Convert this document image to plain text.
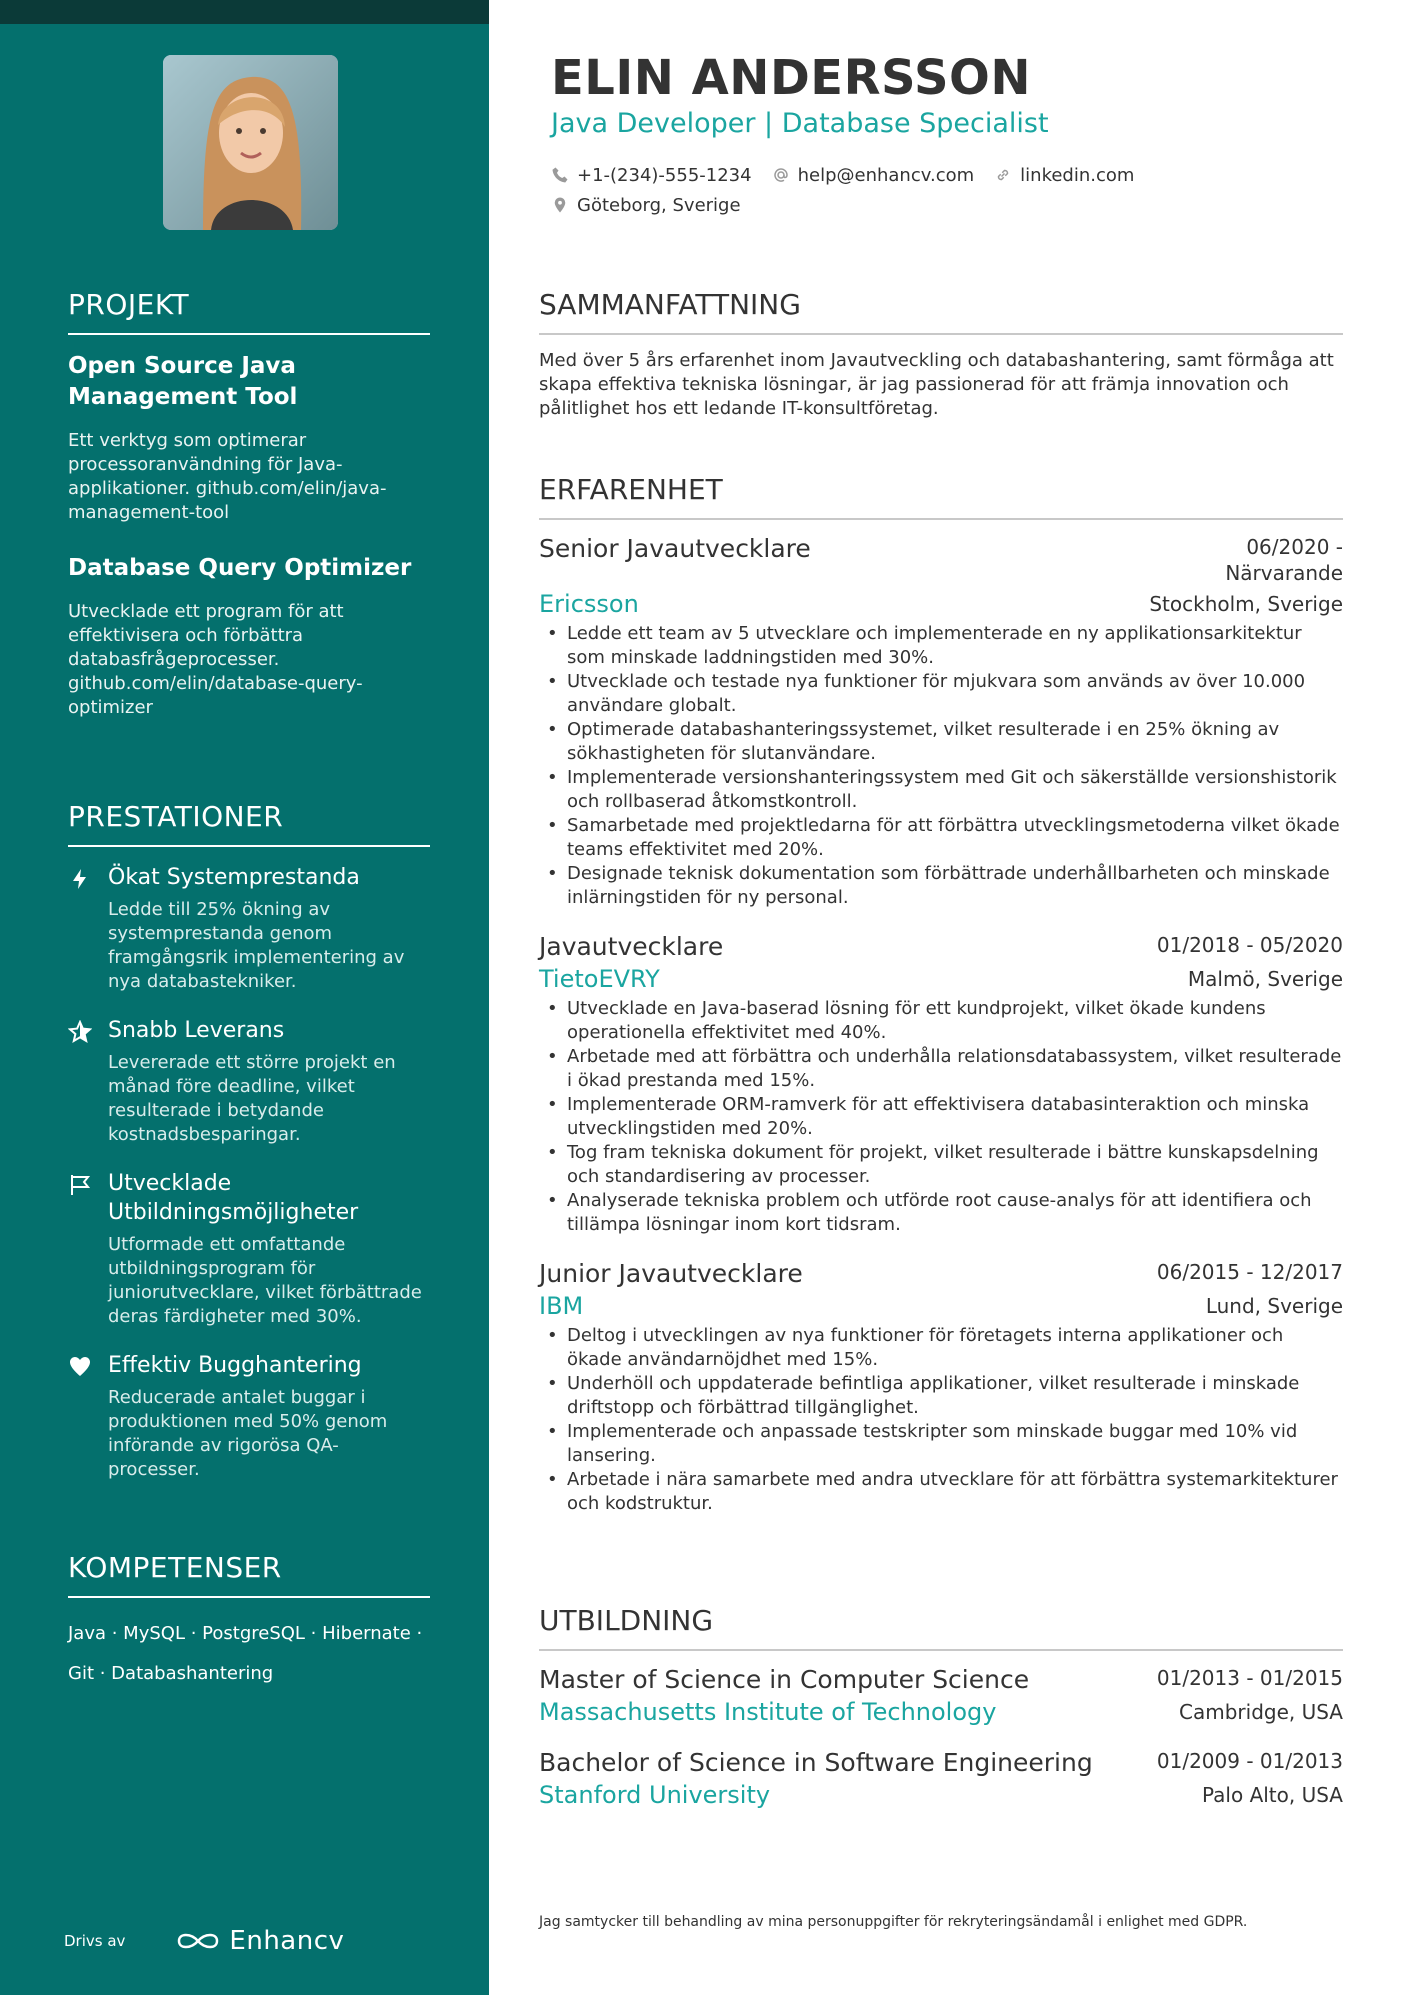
PROJEKT
Open Source Java Management Tool
Ett verktyg som optimerar processoranvändning för Java-applikationer. github.com/elin/java-management-tool
Database Query Optimizer
Utvecklade ett program för att effektivisera och förbättra databasfrågeprocesser. github.com/elin/database-query-optimizer
PRESTATIONER
Ökat Systemprestanda
Ledde till 25% ökning av systemprestanda genom framgångsrik implementering av nya databastekniker.
Snabb Leverans
Levererade ett större projekt en månad före deadline, vilket resulterade i betydande kostnadsbesparingar.
Utvecklade Utbildningsmöjligheter
Utformade ett omfattande utbildningsprogram för juniorutvecklare, vilket förbättrade deras färdigheter med 30%.
Effektiv Bugghantering
Reducerade antalet buggar i produktionen med 50% genom införande av rigorösa QA-processer.
KOMPETENSER
Java · MySQL · PostgreSQL · Hibernate ·
Git · Databashantering
Drivs av	Enhancv
ELIN ANDERSSON
Java Developer | Database Specialist
+1-(234)-555-1234	help@enhancv.com	linkedin.com
Göteborg, Sverige
SAMMANFATTNING
Med över 5 års erfarenhet inom Javautveckling och databashantering, samt förmåga att skapa effektiva tekniska lösningar, är jag passionerad för att främja innovation och pålitlighet hos ett ledande IT-konsultföretag.
ERFARENHET
Senior Javautvecklare	06/2020 -
Närvarande
Ericsson	Stockholm, Sverige
• Ledde ett team av 5 utvecklare och implementerade en ny applikationsarkitektur som minskade laddningstiden med 30%.
• Utvecklade och testade nya funktioner för mjukvara som används av över 10.000 användare globalt.
• Optimerade databashanteringssystemet, vilket resulterade i en 25% ökning av sökhastigheten för slutanvändare.
• Implementerade versionshanteringssystem med Git och säkerställde versionshistorik och rollbaserad åtkomstkontroll.
• Samarbetade med projektledarna för att förbättra utvecklingsmetoderna vilket ökade teams effektivitet med 20%.
• Designade teknisk dokumentation som förbättrade underhållbarheten och minskade inlärningstiden för ny personal.
Javautvecklare	01/2018 - 05/2020
TietoEVRY	Malmö, Sverige
• Utvecklade en Java-baserad lösning för ett kundprojekt, vilket ökade kundens operationella effektivitet med 40%.
• Arbetade med att förbättra och underhålla relationsdatabassystem, vilket resulterade i ökad prestanda med 15%.
• Implementerade ORM-ramverk för att effektivisera databasinteraktion och minska utvecklingstiden med 20%.
• Tog fram tekniska dokument för projekt, vilket resulterade i bättre kunskapsdelning och standardisering av processer.
• Analyserade tekniska problem och utförde root cause-analys för att identifiera och tillämpa lösningar inom kort tidsram.
Junior Javautvecklare	06/2015 - 12/2017
IBM	Lund, Sverige
• Deltog i utvecklingen av nya funktioner för företagets interna applikationer och ökade användarnöjdhet med 15%.
• Underhöll och uppdaterade befintliga applikationer, vilket resulterade i minskade driftstopp och förbättrad tillgänglighet.
• Implementerade och anpassade testskripter som minskade buggar med 10% vid lansering.
• Arbetade i nära samarbete med andra utvecklare för att förbättra systemarkitekturer och kodstruktur.
UTBILDNING
Master of Science in Computer Science	01/2013 - 01/2015
Massachusetts Institute of Technology	Cambridge, USA
Bachelor of Science in Software Engineering	01/2009 - 01/2013
Stanford University	Palo Alto, USA
Jag samtycker till behandling av mina personuppgifter för rekryteringsändamål i enlighet med GDPR.
